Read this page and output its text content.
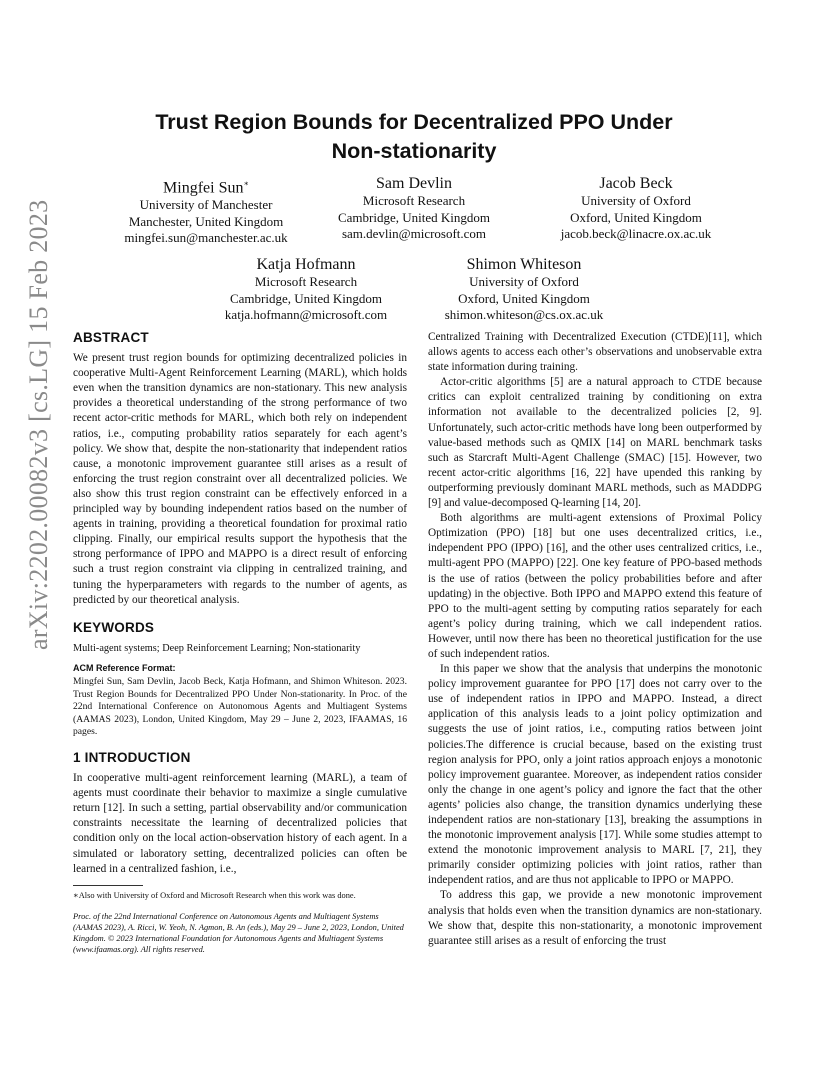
arXiv:2202.00082v3 [cs.LG] 15 Feb 2023
Trust Region Bounds for Decentralized PPO Under
Non-stationarity
Mingfei Sun∗
University of Manchester
Manchester, United Kingdom
mingfei.sun@manchester.ac.uk
Sam Devlin
Microsoft Research
Cambridge, United Kingdom
sam.devlin@microsoft.com
Jacob Beck
University of Oxford
Oxford, United Kingdom
jacob.beck@linacre.ox.ac.uk
Katja Hofmann
Microsoft Research
Cambridge, United Kingdom
katja.hofmann@microsoft.com
Shimon Whiteson
University of Oxford
Oxford, United Kingdom
shimon.whiteson@cs.ox.ac.uk
ABSTRACT

We present trust region bounds for optimizing decentralized policies in cooperative Multi-Agent Reinforcement Learning (MARL), which holds even when the transition dynamics are non-stationary. This new analysis provides a theoretical understanding of the strong performance of two recent actor-critic methods for MARL, which both rely on independent ratios, i.e., computing probability ratios separately for each agent’s policy. We show that, despite the non-stationarity that independent ratios cause, a monotonic improvement guarantee still arises as a result of enforcing the trust region constraint over all decentralized policies. We also show this trust region constraint can be effectively enforced in a principled way by bounding independent ratios based on the number of agents in training, providing a theoretical foundation for proximal ratio clipping. Finally, our empirical results support the hypothesis that the strong performance of IPPO and MAPPO is a direct result of enforcing such a trust region constraint via clipping in centralized training, and tuning the hyperparameters with regards to the number of agents, as predicted by our theoretical analysis.

KEYWORDS

Multi-agent systems; Deep Reinforcement Learning; Non-stationarity

ACM Reference Format:

Mingfei Sun, Sam Devlin, Jacob Beck, Katja Hofmann, and Shimon Whiteson. 2023. Trust Region Bounds for Decentralized PPO Under Non-stationarity. In Proc. of the 22nd International Conference on Autonomous Agents and Multiagent Systems (AAMAS 2023), London, United Kingdom, May 29 – June 2, 2023, IFAAMAS, 16 pages.

1 INTRODUCTION

In cooperative multi-agent reinforcement learning (MARL), a team of agents must coordinate their behavior to maximize a single cumulative return [12]. In such a setting, partial observability and/or communication constraints necessitate the learning of decentralized policies that condition only on the local action-observation history of each agent. In a simulated or laboratory setting, decentralized policies can often be learned in a centralized fashion, i.e.,

∗Also with University of Oxford and Microsoft Research when this work was done.
Proc. of the 22nd International Conference on Autonomous Agents and Multiagent Systems (AAMAS 2023), A. Ricci, W. Yeoh, N. Agmon, B. An (eds.), May 29 – June 2, 2023, London, United Kingdom. © 2023 International Foundation for Autonomous Agents and Multiagent Systems (www.ifaamas.org). All rights reserved.

Centralized Training with Decentralized Execution (CTDE)[11], which allows agents to access each other’s observations and unobservable extra state information during training.

Actor-critic algorithms [5] are a natural approach to CTDE because critics can exploit centralized training by conditioning on extra information not available to the decentralized policies [2, 9]. Unfortunately, such actor-critic methods have long been outperformed by value-based methods such as QMIX [14] on MARL benchmark tasks such as Starcraft Multi-Agent Challenge (SMAC) [15]. However, two recent actor-critic algorithms [16, 22] have upended this ranking by outperforming previously dominant MARL methods, such as MADDPG [9] and value-decomposed Q-learning [14, 20].

Both algorithms are multi-agent extensions of Proximal Policy Optimization (PPO) [18] but one uses decentralized critics, i.e., independent PPO (IPPO) [16], and the other uses centralized critics, i.e., multi-agent PPO (MAPPO) [22]. One key feature of PPO-based methods is the use of ratios (between the policy probabilities before and after updating) in the objective. Both IPPO and MAPPO extend this feature of PPO to the multi-agent setting by computing ratios separately for each agent’s policy during training, which we call independent ratios. However, until now there has been no theoretical justification for the use of such independent ratios.

In this paper we show that the analysis that underpins the monotonic policy improvement guarantee for PPO [17] does not carry over to the use of independent ratios in IPPO and MAPPO. Instead, a direct application of this analysis leads to a joint policy optimization and suggests the use of joint ratios, i.e., computing ratios between joint policies.The difference is crucial because, based on the existing trust region analysis for PPO, only a joint ratios approach enjoys a monotonic policy improvement guarantee. Moreover, as independent ratios consider only the change in one agent’s policy and ignore the fact that the other agents’ policies also change, the transition dynamics underlying these independent ratios are non-stationary [13], breaking the assumptions in the monotonic improvement analysis [17]. While some studies attempt to extend the monotonic improvement analysis to MARL [7, 21], they primarily consider optimizing policies with joint ratios, rather than independent ratios, and are thus not applicable to IPPO or MAPPO.

To address this gap, we provide a new monotonic improvement analysis that holds even when the transition dynamics are non-stationary. We show that, despite this non-stationarity, a monotonic improvement guarantee still arises as a result of enforcing the trust
